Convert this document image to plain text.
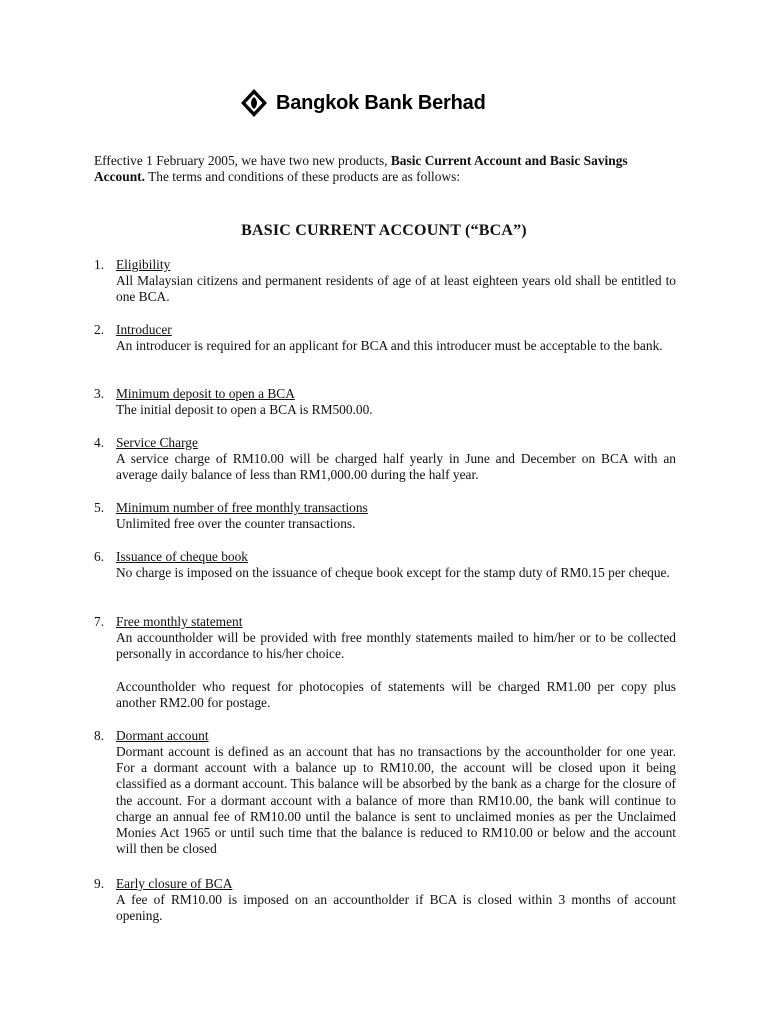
Bangkok Bank Berhad
Effective 1 February 2005, we have two new products, Basic Current Account and Basic Savings Account. The terms and conditions of these products are as follows:
BASIC CURRENT ACCOUNT (“BCA”)
1. Eligibility
All Malaysian citizens and permanent residents of age of at least eighteen years old shall be entitled to one BCA.
2. Introducer
An introducer is required for an applicant for BCA and this introducer must be acceptable to the bank.
3. Minimum deposit to open a BCA
The initial deposit to open a BCA is RM500.00.
4. Service Charge
A service charge of RM10.00 will be charged half yearly in June and December on BCA with an average daily balance of less than RM1,000.00 during the half year.
5. Minimum number of free monthly transactions
Unlimited free over the counter transactions.
6. Issuance of cheque book
No charge is imposed on the issuance of cheque book except for the stamp duty of RM0.15 per cheque.
7. Free monthly statement
An accountholder will be provided with free monthly statements mailed to him/her or to be collected personally in accordance to his/her choice.
Accountholder who request for photocopies of statements will be charged RM1.00 per copy plus another RM2.00 for postage.
8. Dormant account
Dormant account is defined as an account that has no transactions by the accountholder for one year. For a dormant account with a balance up to RM10.00, the account will be closed upon it being classified as a dormant account. This balance will be absorbed by the bank as a charge for the closure of the account. For a dormant account with a balance of more than RM10.00, the bank will continue to charge an annual fee of RM10.00 until the balance is sent to unclaimed monies as per the Unclaimed Monies Act 1965 or until such time that the balance is reduced to RM10.00 or below and the account will then be closed
9. Early closure of BCA
A fee of RM10.00 is imposed on an accountholder if BCA is closed within 3 months of account opening.
